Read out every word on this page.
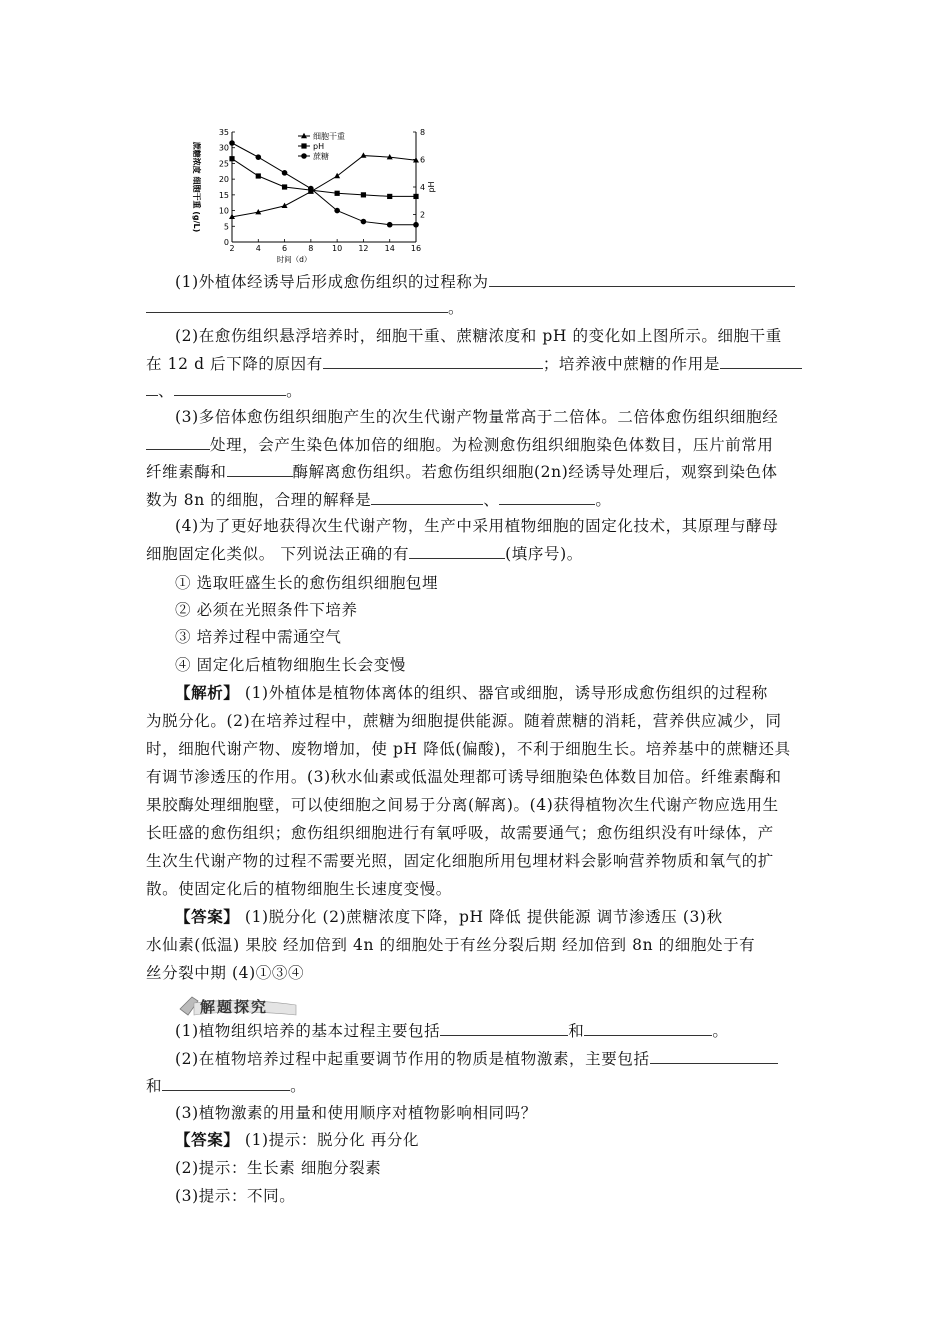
2	4	6	8 10 12 14 16
0
5
10
15
20
25
30
35
2
4
6
8
时间（d）
蔗糖浓度 细胞干重 (g/L)	pH
细胞干重
pH
蔗糖
(1)外植体经诱导后形成愈伤组织的过程称为
。
(2)在愈伤组织悬浮培养时，细胞干重、蔗糖浓度和 pH 的变化如上图所示。细胞干重
在 12 d 后下降的原因有	；培养液中蔗糖的作用是
、	。
(3)多倍体愈伤组织细胞产生的次生代谢产物量常高于二倍体。二倍体愈伤组织细胞经
处理，会产生染色体加倍的细胞。为检测愈伤组织细胞染色体数目，压片前常用
纤维素酶和	酶解离愈伤组织。若愈伤组织细胞(2n)经诱导处理后，观察到染色体
数为 8n 的细胞，合理的解释是	、	。
(4)为了更好地获得次生代谢产物，生产中采用植物细胞的固定化技术，其原理与酵母
细胞固定化类似。 下列说法正确的有	(填序号)。
① 选取旺盛生长的愈伤组织细胞包埋
② 必须在光照条件下培养
③ 培养过程中需通空气
④ 固定化后植物细胞生长会变慢
【解析】 (1)外植体是植物体离体的组织、器官或细胞，诱导形成愈伤组织的过程称
为脱分化。(2)在培养过程中，蔗糖为细胞提供能源。随着蔗糖的消耗，营养供应减少，同
时，细胞代谢产物、废物增加，使 pH 降低(偏酸)，不利于细胞生长。培养基中的蔗糖还具
有调节渗透压的作用。(3)秋水仙素或低温处理都可诱导细胞染色体数目加倍。纤维素酶和
果胶酶处理细胞壁，可以使细胞之间易于分离(解离)。(4)获得植物次生代谢产物应选用生
长旺盛的愈伤组织；愈伤组织细胞进行有氧呼吸，故需要通气；愈伤组织没有叶绿体，产
生次生代谢产物的过程不需要光照，固定化细胞所用包埋材料会影响营养物质和氧气的扩
散。使固定化后的植物细胞生长速度变慢。
【答案】 (1)脱分化 (2)蔗糖浓度下降，pH 降低 提供能源 调节渗透压 (3)秋
水仙素(低温) 果胶 经加倍到 4n 的细胞处于有丝分裂后期 经加倍到 8n 的细胞处于有
丝分裂中期 (4)①③④
解题探究
(1)植物组织培养的基本过程主要包括	和	。
(2)在植物培养过程中起重要调节作用的物质是植物激素，主要包括
和	。
(3)植物激素的用量和使用顺序对植物影响相同吗？
【答案】 (1)提示：脱分化 再分化
(2)提示：生长素 细胞分裂素
(3)提示：不同。
